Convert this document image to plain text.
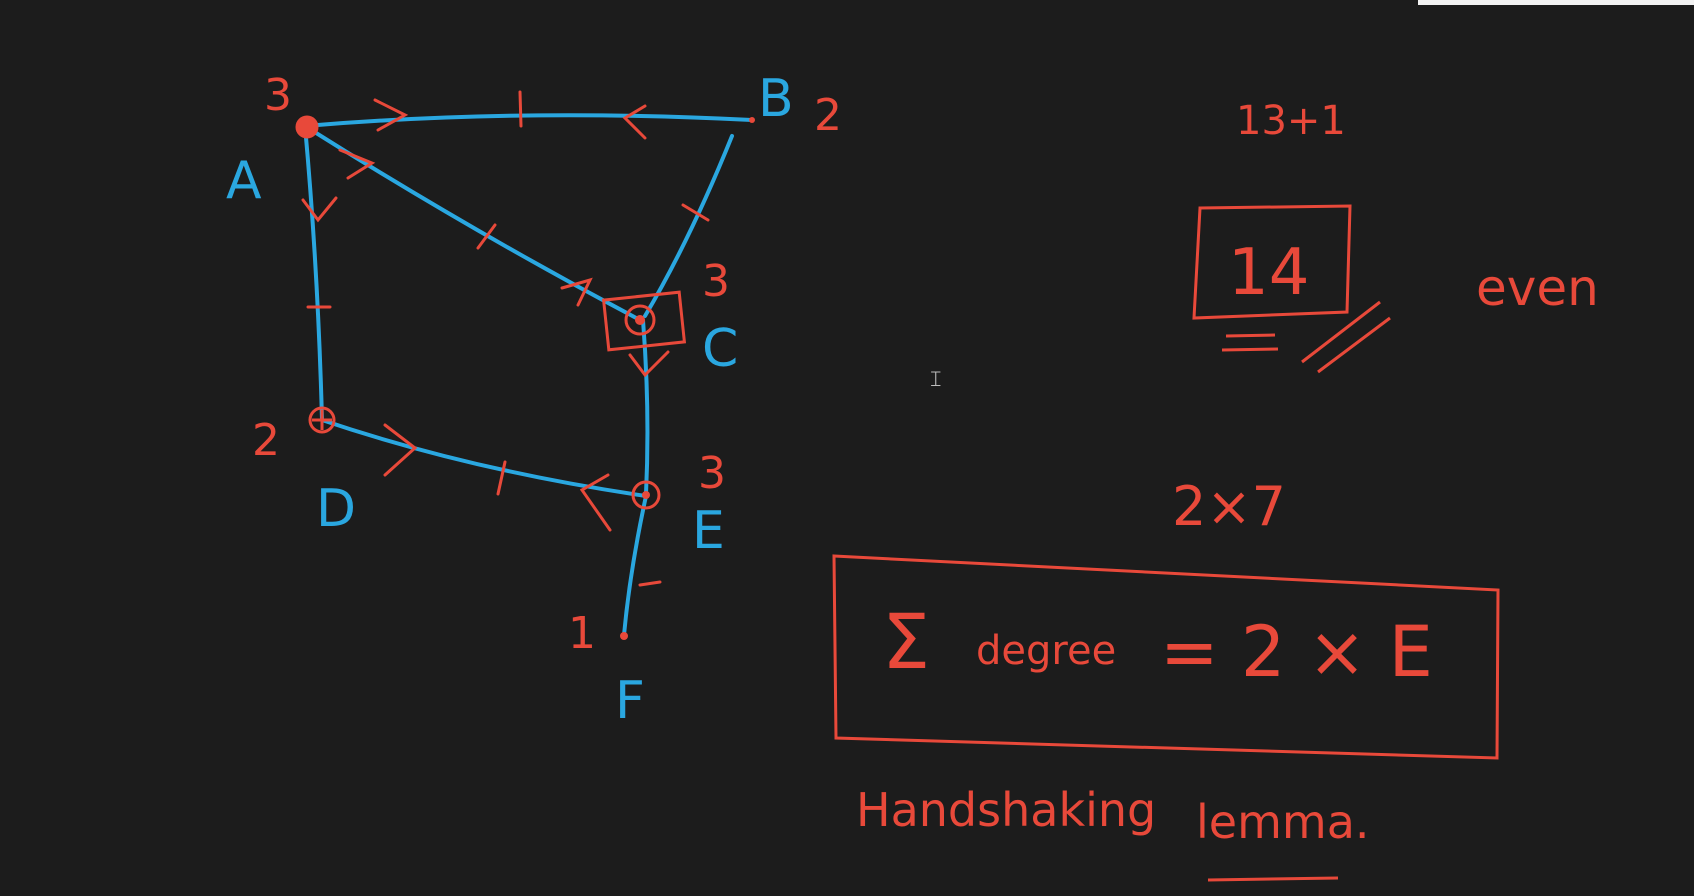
A
B
C
D	E
F
3	2
3
2
3
1
13+1
14	even
2×7
Σ degree = 2 × E
Handshaking lemma.
𝙸
